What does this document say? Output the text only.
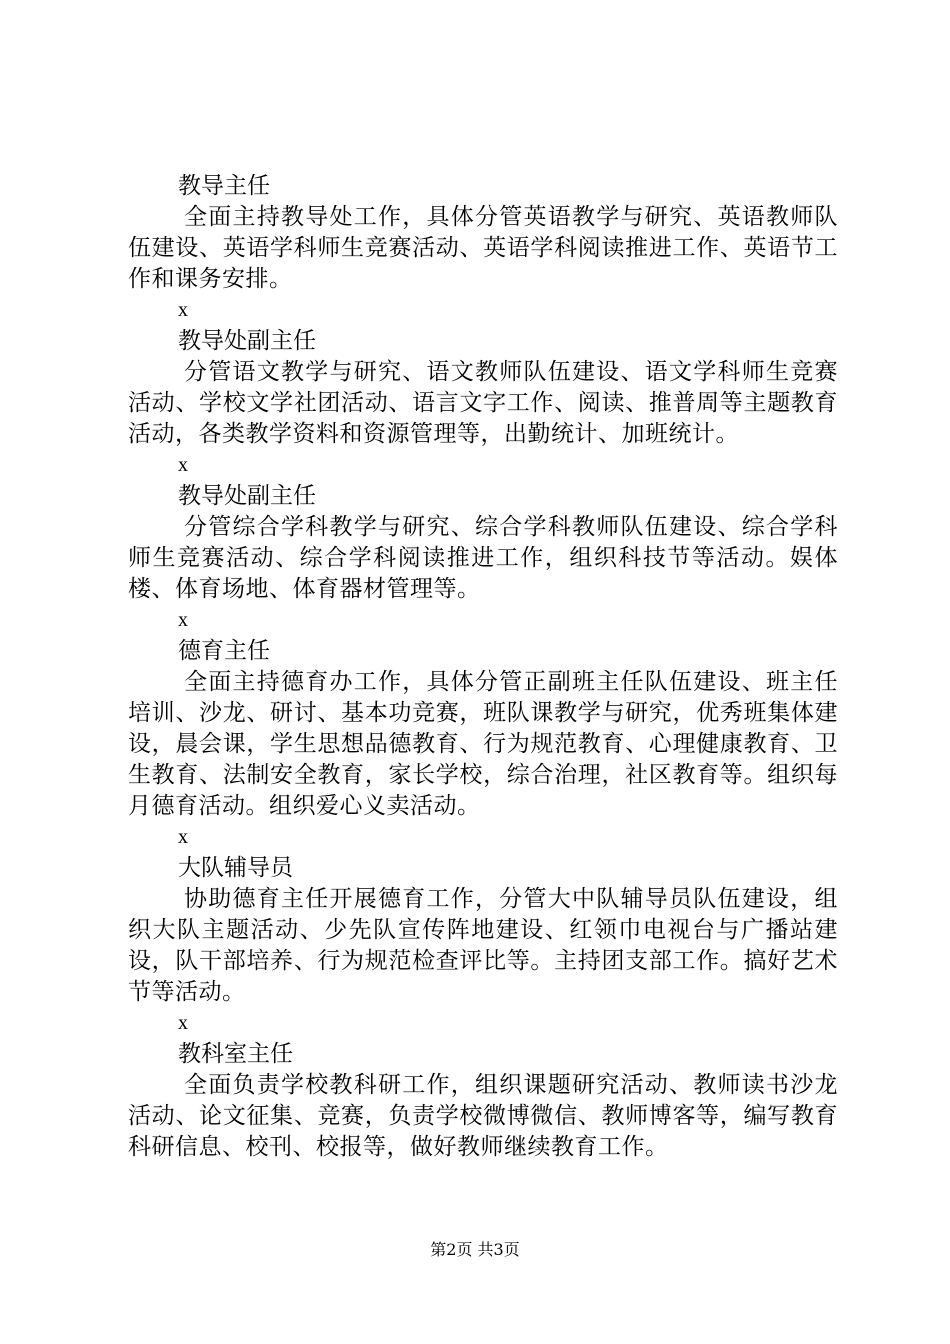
教导主任

全面主持教导处工作，具体分管英语教学与研究、英语教师队伍建设、英语学科师生竞赛活动、英语学科阅读推进工作、英语节工作和课务安排。

x

教导处副主任

分管语文教学与研究、语文教师队伍建设、语文学科师生竞赛活动、学校文学社团活动、语言文字工作、阅读、推普周等主题教育活动，各类教学资料和资源管理等，出勤统计、加班统计。

x

教导处副主任

分管综合学科教学与研究、综合学科教师队伍建设、综合学科师生竞赛活动、综合学科阅读推进工作，组织科技节等活动。娱体楼、体育场地、体育器材管理等。

x

德育主任

全面主持德育办工作，具体分管正副班主任队伍建设、班主任培训、沙龙、研讨、基本功竞赛，班队课教学与研究，优秀班集体建设，晨会课，学生思想品德教育、行为规范教育、心理健康教育、卫生教育、法制安全教育，家长学校，综合治理，社区教育等。组织每月德育活动。组织爱心义卖活动。

x

大队辅导员

协助德育主任开展德育工作，分管大中队辅导员队伍建设，组织大队主题活动、少先队宣传阵地建设、红领巾电视台与广播站建设，队干部培养、行为规范检查评比等。主持团支部工作。搞好艺术节等活动。

x

教科室主任

全面负责学校教科研工作，组织课题研究活动、教师读书沙龙活动、论文征集、竞赛，负责学校微博微信、教师博客等，编写教育科研信息、校刊、校报等，做好教师继续教育工作。

第2页 共3页
